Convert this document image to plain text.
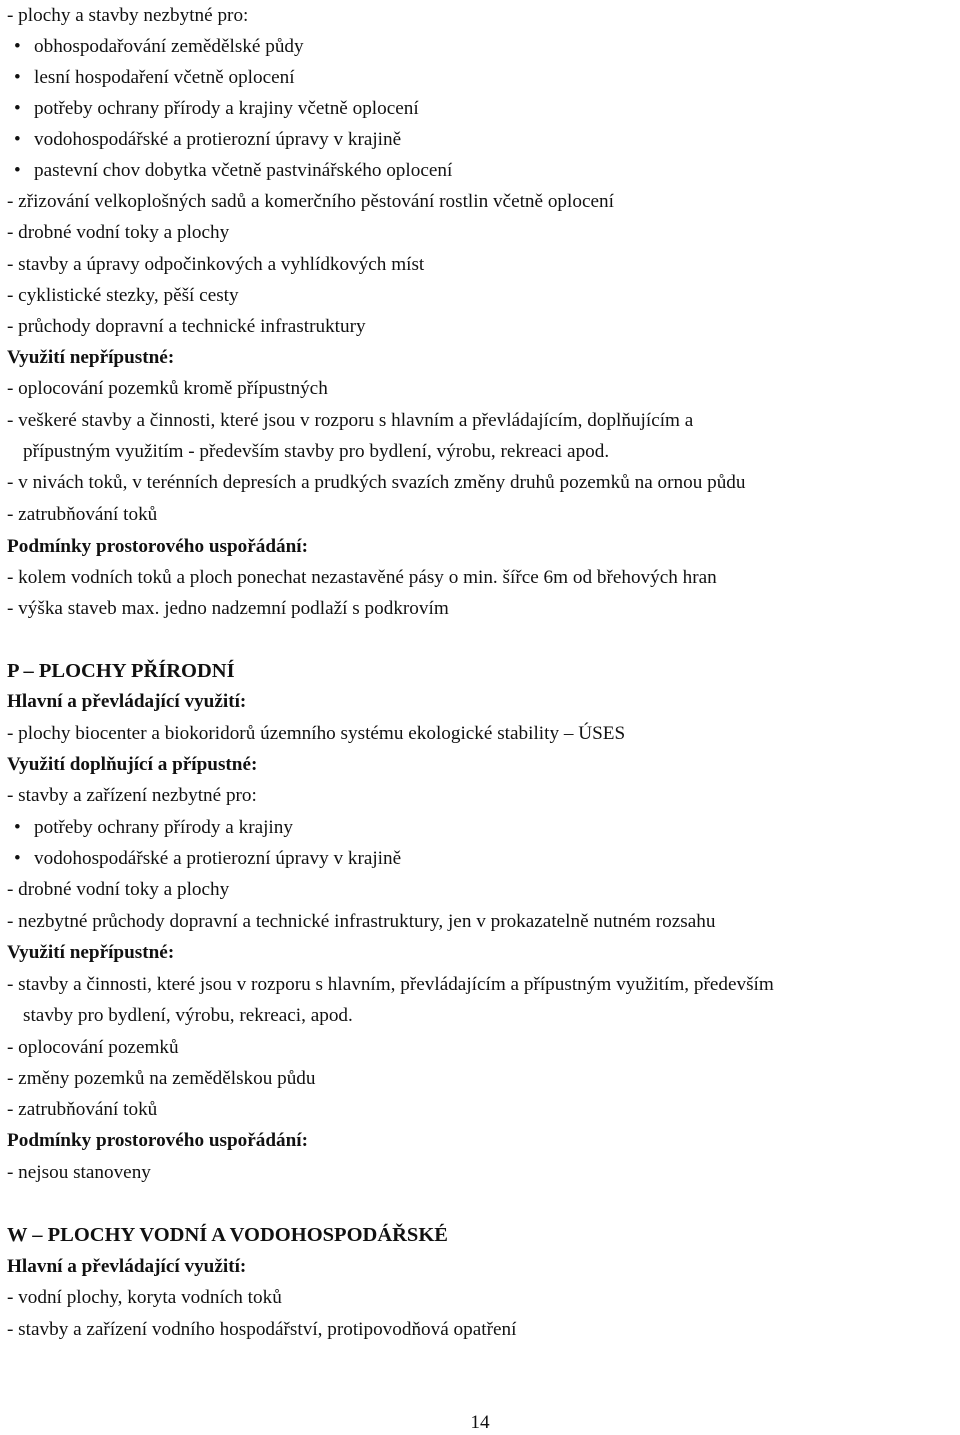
- plochy a stavby nezbytné pro:
• obhospodařování zemědělské půdy
• lesní hospodaření včetně oplocení
• potřeby ochrany přírody a krajiny včetně oplocení
• vodohospodářské a protierozní úpravy v krajině
• pastevní chov dobytka včetně pastvinářského oplocení
- zřizování velkoplošných sadů a komerčního pěstování rostlin včetně oplocení
- drobné vodní toky a plochy
- stavby a úpravy odpočinkových a vyhlídkových míst
- cyklistické stezky, pěší cesty
- průchody dopravní a technické infrastruktury
Využití nepřípustné:
- oplocování pozemků kromě přípustných
- veškeré stavby a činnosti, které jsou v rozporu s hlavním a převládajícím, doplňujícím a
přípustným využitím - především stavby pro bydlení, výrobu, rekreaci apod.
- v nivách toků, v terénních depresích a prudkých svazích změny druhů pozemků na ornou půdu
- zatrubňování toků
Podmínky prostorového uspořádání:
- kolem vodních toků a ploch ponechat nezastavěné pásy o min. šířce 6m od břehových hran
- výška staveb max. jedno nadzemní podlaží s podkrovím
P – PLOCHY PŘÍRODNÍ
Hlavní a převládající využití:
- plochy biocenter a biokoridorů územního systému ekologické stability – ÚSES
Využití doplňující a přípustné:
- stavby a zařízení nezbytné pro:
• potřeby ochrany přírody a krajiny
• vodohospodářské a protierozní úpravy v krajině
- drobné vodní toky a plochy
- nezbytné průchody dopravní a technické infrastruktury, jen v prokazatelně nutném rozsahu
Využití nepřípustné:
- stavby a činnosti, které jsou v rozporu s hlavním, převládajícím a přípustným využitím, především
stavby pro bydlení, výrobu, rekreaci, apod.
- oplocování pozemků
- změny pozemků na zemědělskou půdu
- zatrubňování toků
Podmínky prostorového uspořádání:
- nejsou stanoveny
W – PLOCHY VODNÍ A VODOHOSPODÁŘSKÉ
Hlavní a převládající využití:
- vodní plochy, koryta vodních toků
- stavby a zařízení vodního hospodářství, protipovodňová opatření
14
